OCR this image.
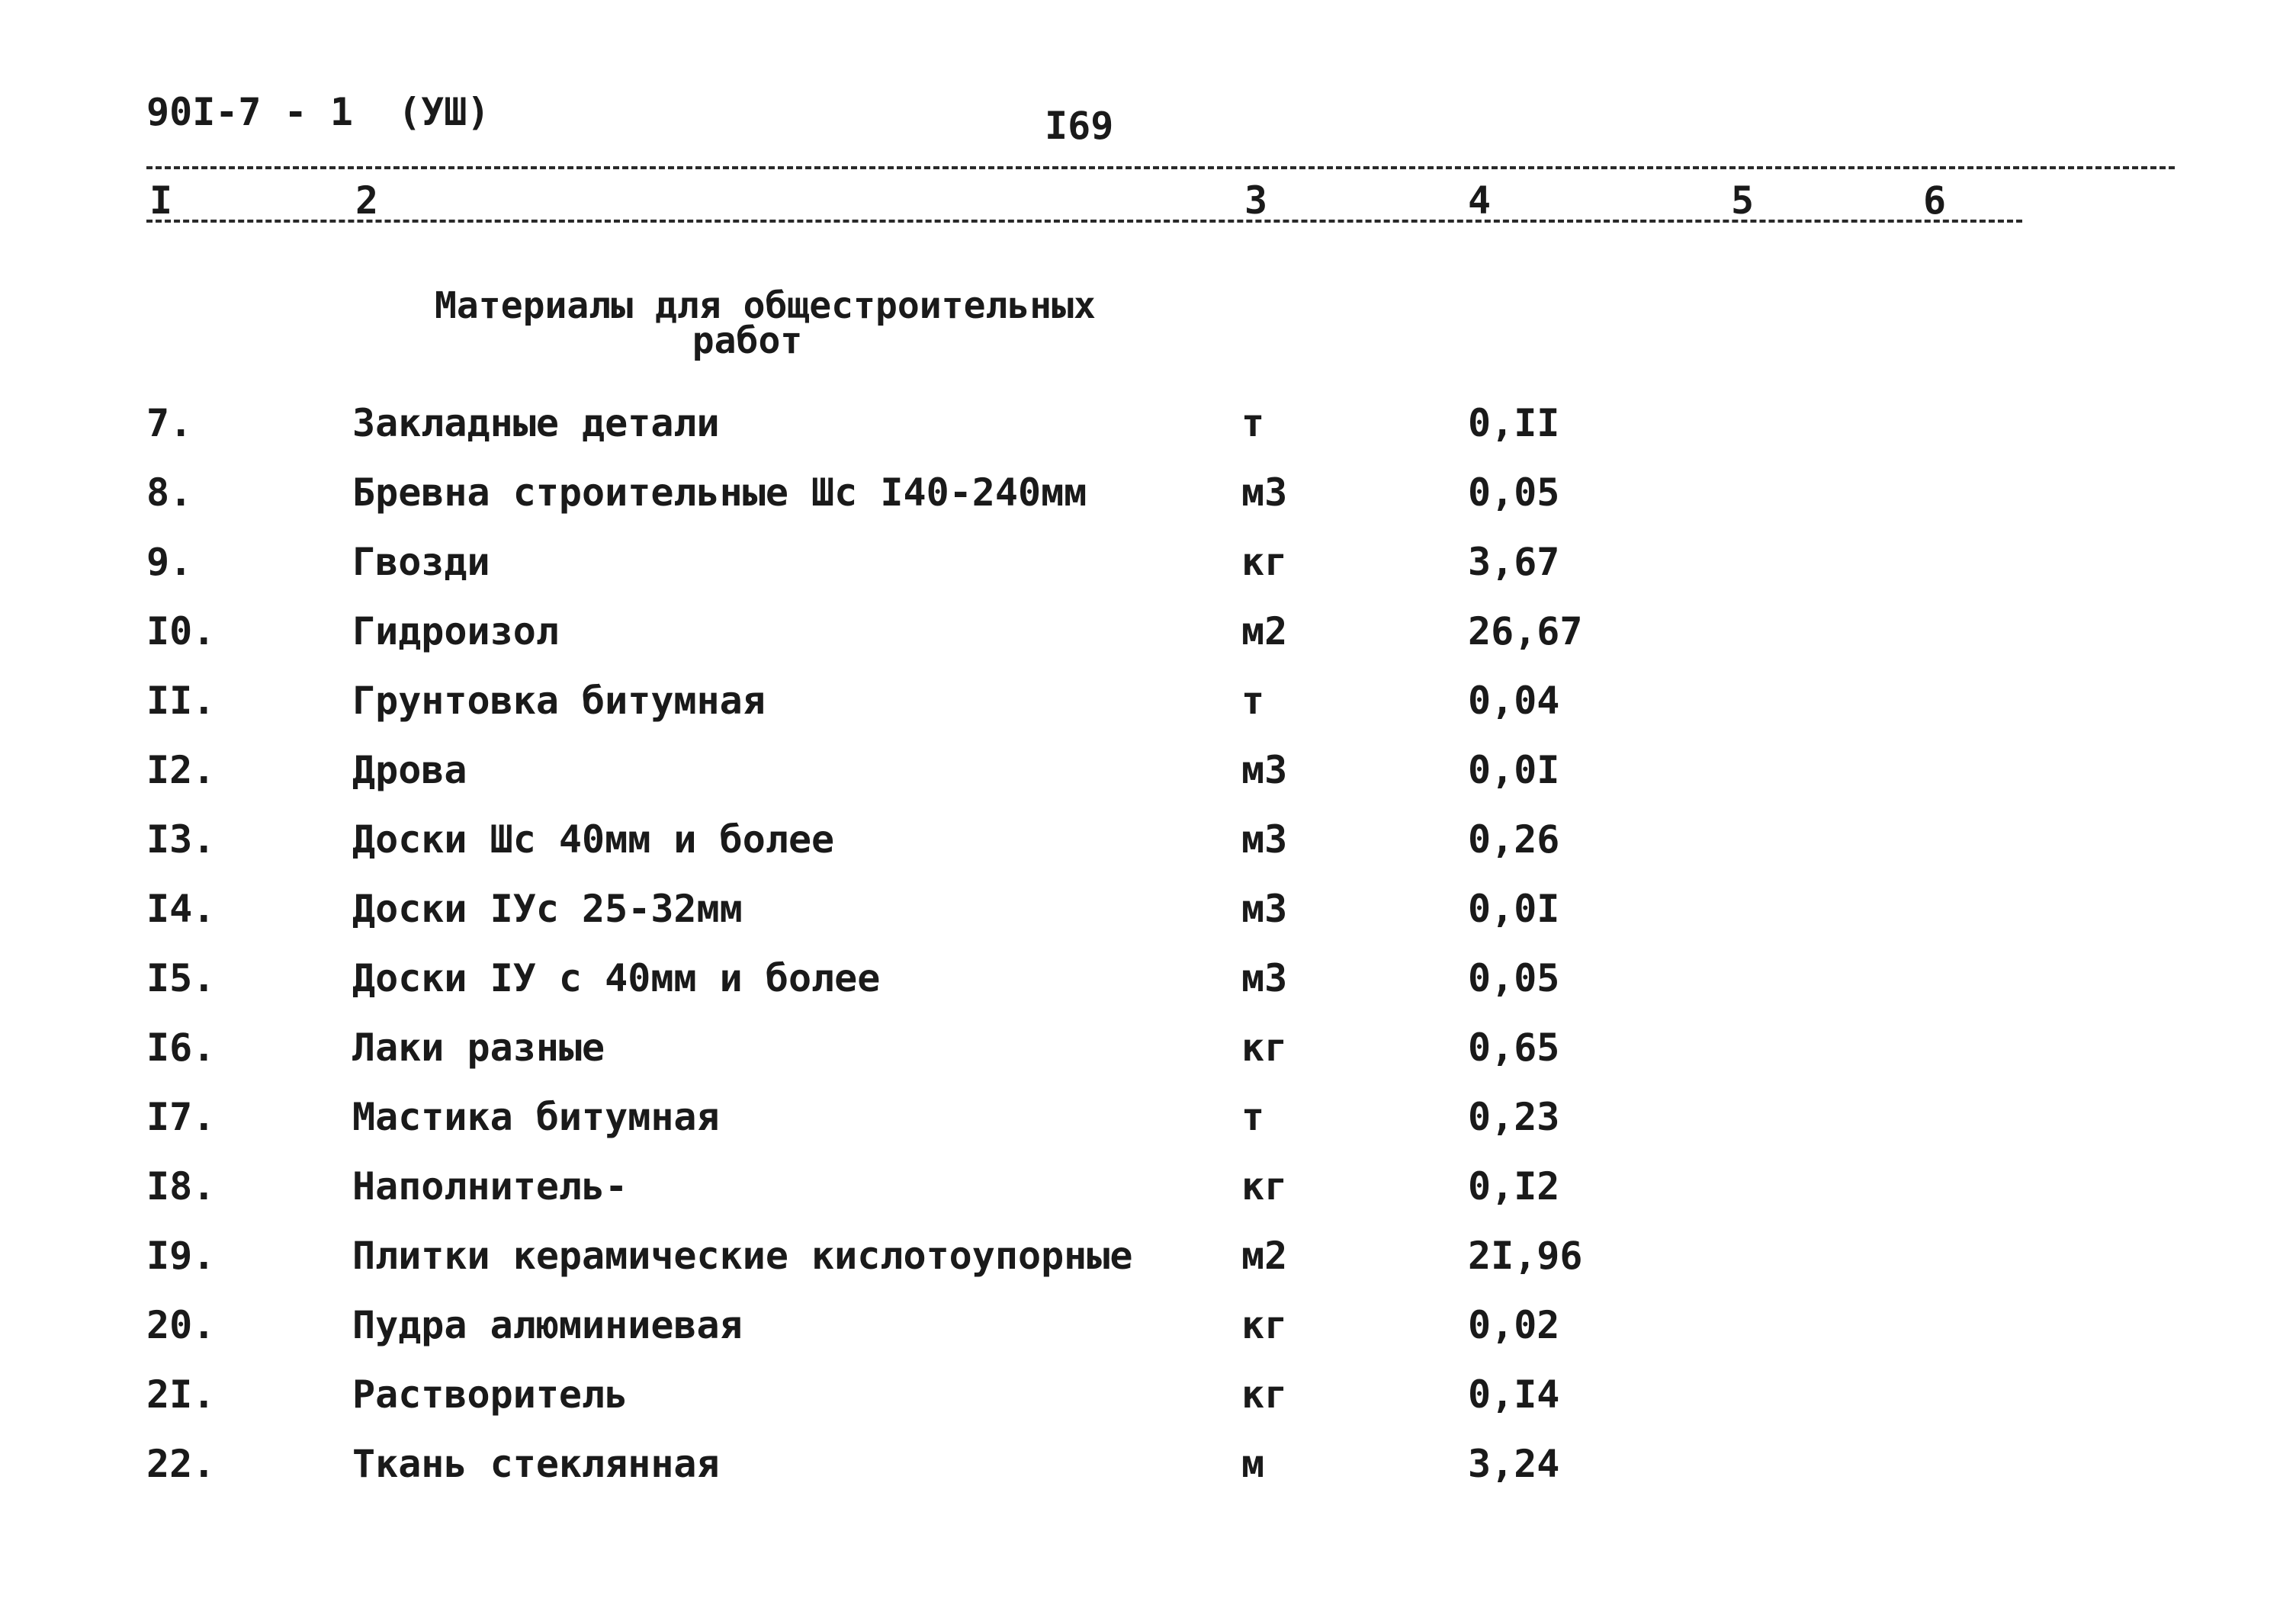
90I-7 - 1 (УШ)	I69
I	2	3	4	5	6
Материалы для общестроительных
работ
7.	Закладные детали	т	0,II
8.	Бревна строительные Шс I40-240мм	м3	0,05
9.	Гвозди	кг	3,67
I0.	Гидроизол	м2	26,67
II.	Грунтовка битумная	т	0,04
I2.	Дрова	м3	0,0I
I3.	Доски Шс 40мм и более	м3	0,26
I4.	Доски IУс 25-32мм	м3	0,0I
I5.	Доски IУ с 40мм и более	м3	0,05
I6.	Лаки разные	кг	0,65
I7.	Мастика битумная	т	0,23
I8.	Наполнитель-	кг	0,I2
I9.	Плитки керамические кислотоупорные	м2	2I,96
20.	Пудра алюминиевая	кг	0,02
2I.	Растворитель	кг	0,I4
22.	Ткань стеклянная	м	3,24
